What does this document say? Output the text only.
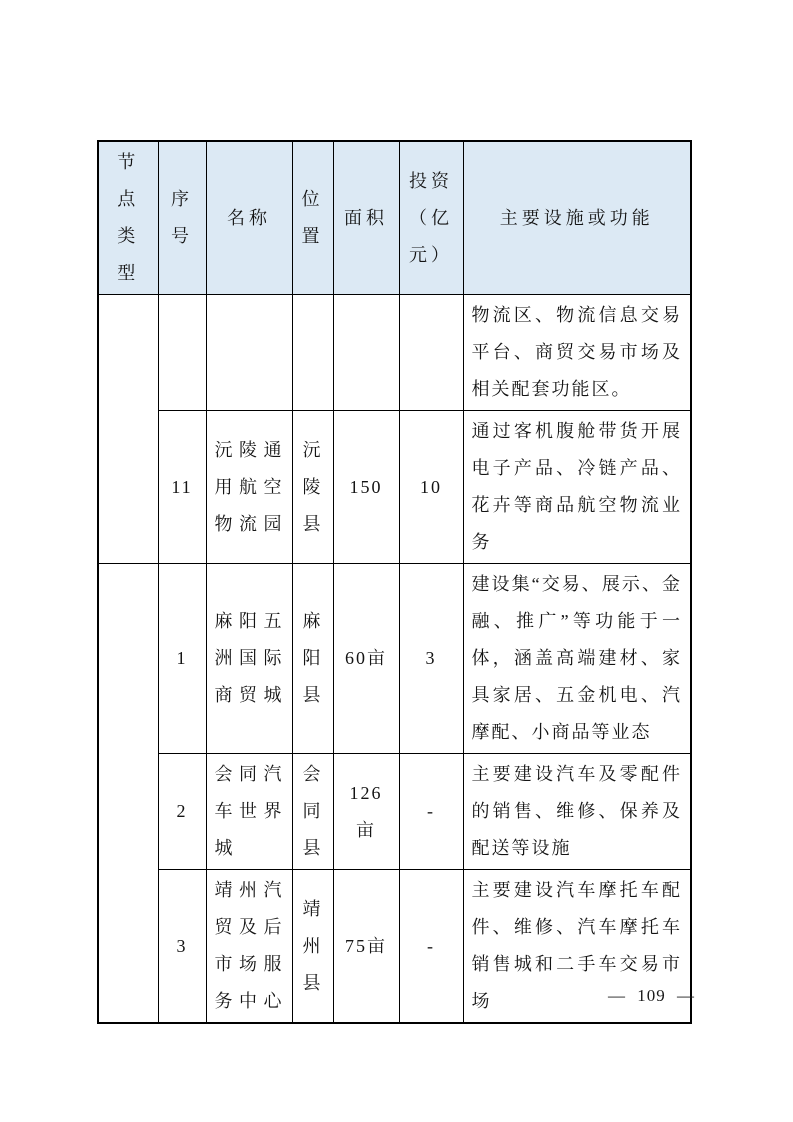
节点类型	序号	名称	位置	面积	投资（亿元）	主要设施或功能
						物流区、物流信息交易平台、商贸交易市场及相关配套功能区。
	11	沅陵通用航空物流园	沅陵县	150	10	通过客机腹舱带货开展电子产品、冷链产品、花卉等商品航空物流业务
	1	麻阳五洲国际商贸城	麻阳县	60亩	3	建设集“交易、展示、金融、推广”等功能于一体，涵盖高端建材、家具家居、五金机电、汽摩配、小商品等业态
	2	会同汽车世界城	会同县	126亩	-	主要建设汽车及零配件的销售、维修、保养及配送等设施
	3	靖州汽贸及后市场服务中心	靖州县	75亩	-	主要建设汽车摩托车配件、维修、汽车摩托车销售城和二手车交易市场	— 109 —
